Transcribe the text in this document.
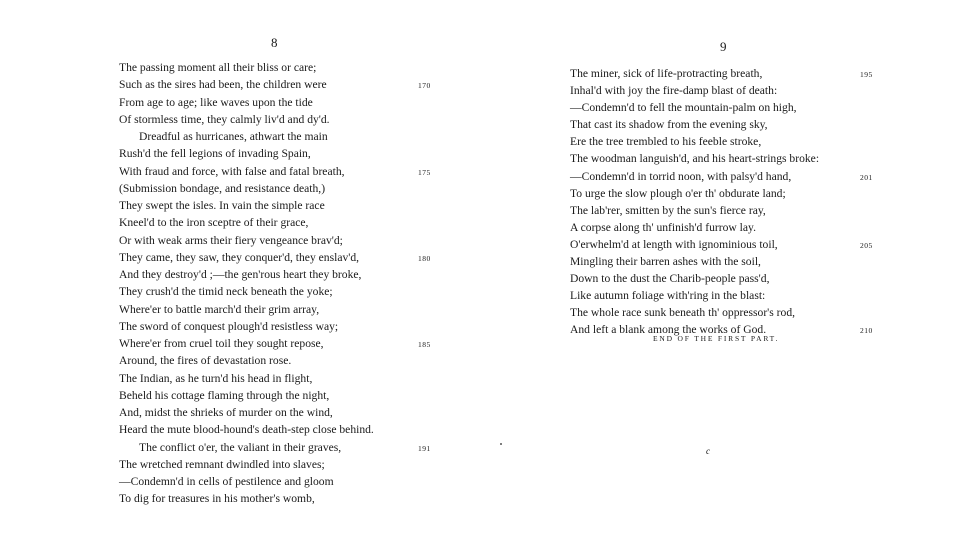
8
The passing moment all their bliss or care;
Such as the sires had been, the children were	170
From age to age; like waves upon the tide
Of stormless time, they calmly liv'd and dy'd.
Dreadful as hurricanes, athwart the main
Rush'd the fell legions of invading Spain,
With fraud and force, with false and fatal breath,	175
(Submission bondage, and resistance death,)
They swept the isles. In vain the simple race
Kneel'd to the iron sceptre of their grace,
Or with weak arms their fiery vengeance brav'd;
They came, they saw, they conquer'd, they enslav'd,	180
And they destroy'd ;—the gen'rous heart they broke,
They crush'd the timid neck beneath the yoke;
Where'er to battle march'd their grim array,
The sword of conquest plough'd resistless way;
Where'er from cruel toil they sought repose,	185
Around, the fires of devastation rose.
The Indian, as he turn'd his head in flight,
Beheld his cottage flaming through the night,
And, midst the shrieks of murder on the wind,
Heard the mute blood-hound's death-step close behind.
The conflict o'er, the valiant in their graves,	191
The wretched remnant dwindled into slaves;
—Condemn'd in cells of pestilence and gloom
To dig for treasures in his mother's womb,
9
The miner, sick of life-protracting breath,	195
Inhal'd with joy the fire-damp blast of death:
—Condemn'd to fell the mountain-palm on high,
That cast its shadow from the evening sky,
Ere the tree trembled to his feeble stroke,
The woodman languish'd, and his heart-strings broke:
—Condemn'd in torrid noon, with palsy'd hand,	201
To urge the slow plough o'er th' obdurate land;
The lab'rer, smitten by the sun's fierce ray,
A corpse along th' unfinish'd furrow lay.
O'erwhelm'd at length with ignominious toil,	205
Mingling their barren ashes with the soil,
Down to the dust the Charib-people pass'd,
Like autumn foliage with'ring in the blast:
The whole race sunk beneath th' oppressor's rod,
And left a blank among the works of God.	210
END OF THE FIRST PART.
c
